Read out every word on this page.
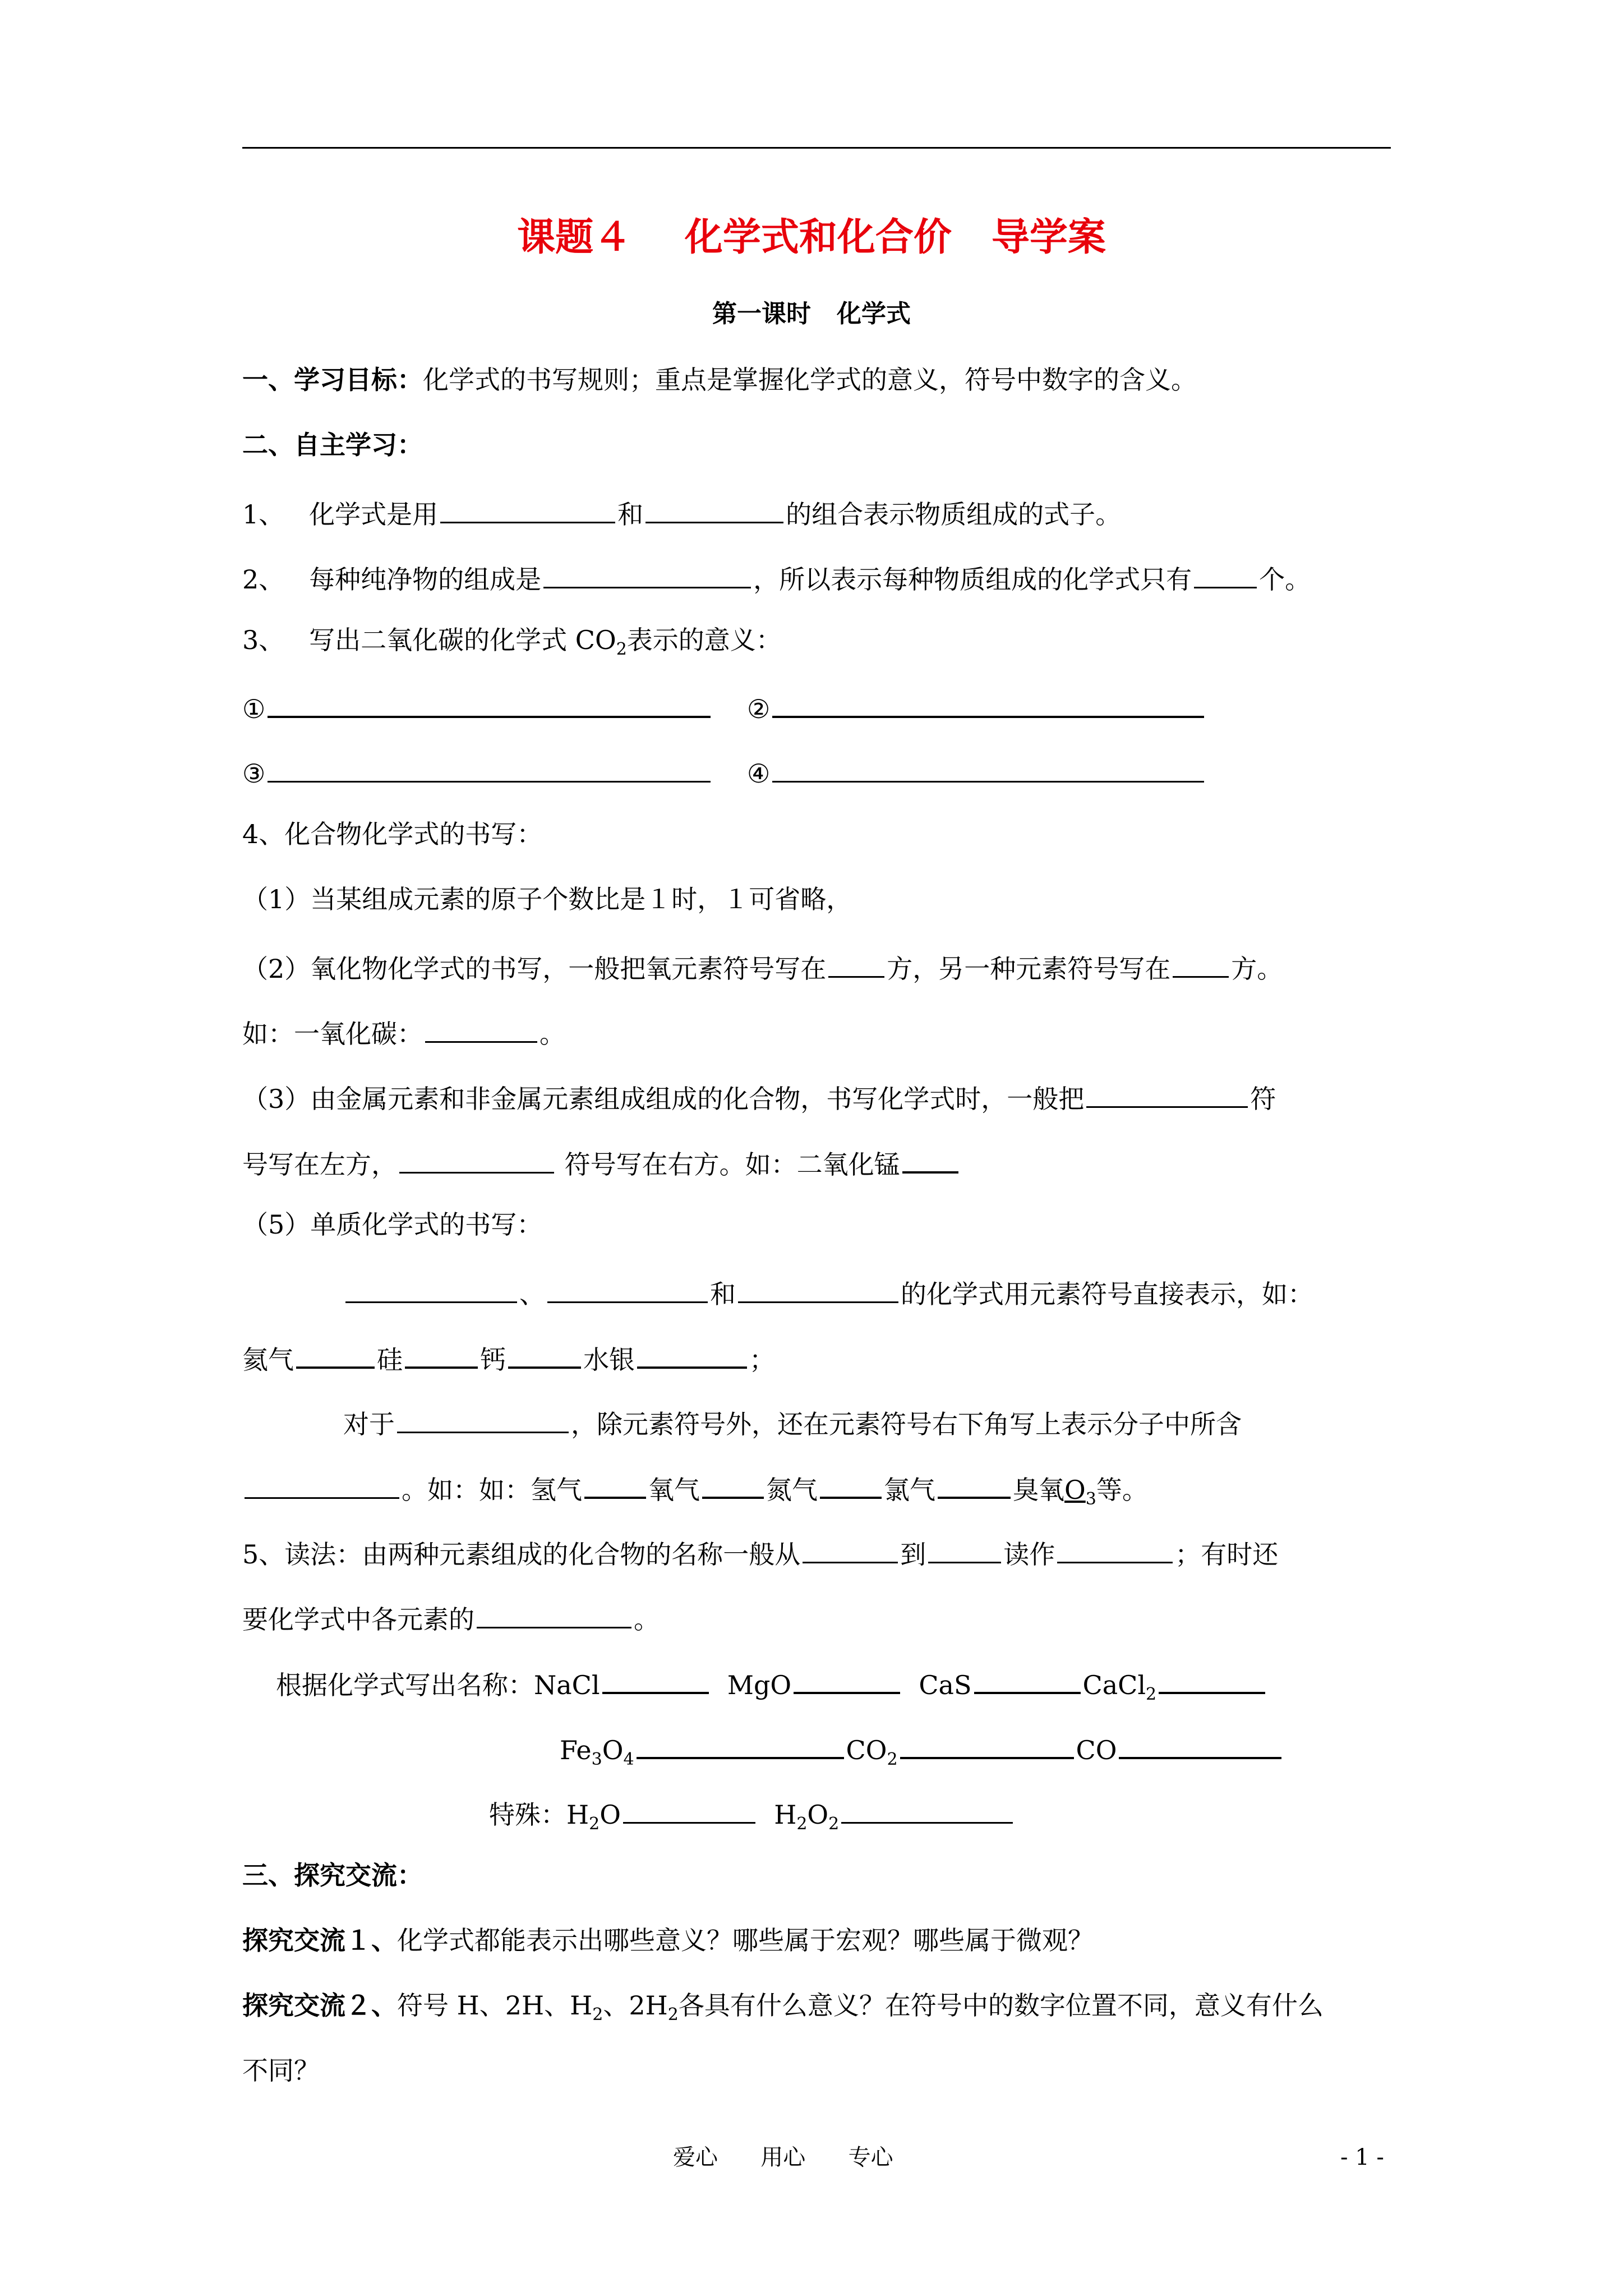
课题４    化学式和化合价   导学案
第一课时   化学式
一、学习目标：化学式的书写规则；重点是掌握化学式的意义，符号中数字的含义。
二、自主学习：
1、 化学式是用	和	的组合表示物质组成的式子。
2、 每种纯净物的组成是	，所以表示每种物质组成的化学式只有	个。
3、 写出二氧化碳的化学式 $CO_2$表示的意义：
①	②
③	④
4、化合物化学式的书写：
（1）当某组成元素的原子个数比是１时，１可省略，
（2）氧化物化学式的书写，一般把氧元素符号写在 方，另一种元素符号写在 方。
如：一氧化碳：	。
（3）由金属元素和非金属元素组成组成的化合物，书写化学式时，一般把	符
号写在左方，	符号写在右方。如：二氧化锰
（5）单质化学式的书写：
、	和	的化学式用元素符号直接表示，如：
氦气	硅	钙	水银	；
对于	，除元素符号外，还在元素符号右下角写上表示分子中所含
。如：如：氢气	氧气	氮气	氯气	臭氧$O_3$等。
5、读法：由两种元素组成的化合物的名称一般从	到	读作	；有时还
要化学式中各元素的	。
根据化学式写出名称：NaCl	MgO	CaS	CaCl$_2$
$Fe_3O_4$	$CO_2$	CO
特殊：$H_2O$	$H_2O_2$
三、探究交流：
探究交流１、化学式都能表示出哪些意义？哪些属于宏观？哪些属于微观？
探究交流２、符号 H、2H、$H_2$、$2H_2$各具有什么意义？在符号中的数字位置不同，意义有什么
不同？
爱心      用心      专心	- 1 -
